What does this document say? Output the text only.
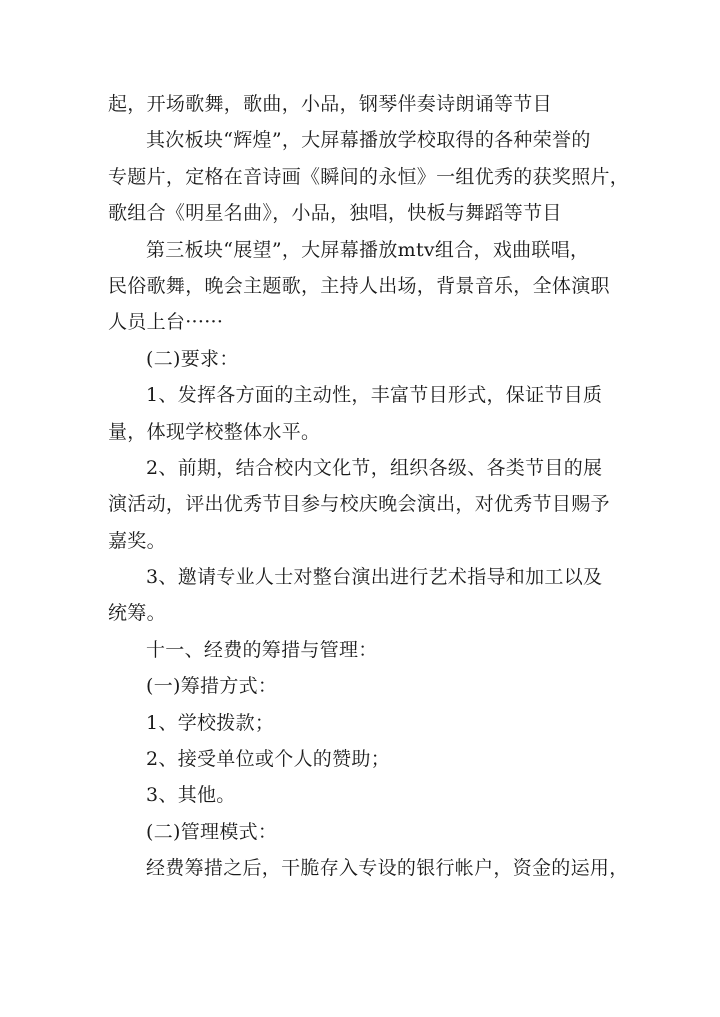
起，开场歌舞，歌曲，小品，钢琴伴奏诗朗诵等节目
其次板块“辉煌”，大屏幕播放学校取得的各种荣誉的
专题片，定格在音诗画《瞬间的永恒》一组优秀的获奖照片，
歌组合《明星名曲》，小品，独唱，快板与舞蹈等节目
第三板块“展望”，大屏幕播放mtv组合，戏曲联唱，
民俗歌舞，晚会主题歌，主持人出场，背景音乐，全体演职
人员上台······
(二)要求：
1、发挥各方面的主动性，丰富节目形式，保证节目质
量，体现学校整体水平。
2、前期，结合校内文化节，组织各级、各类节目的展
演活动，评出优秀节目参与校庆晚会演出，对优秀节目赐予
嘉奖。
3、邀请专业人士对整台演出进行艺术指导和加工以及
统筹。
十一、经费的筹措与管理：
(一)筹措方式：
1、学校拨款；
2、接受单位或个人的赞助；
3、其他。
(二)管理模式：
经费筹措之后，干脆存入专设的银行帐户，资金的运用，
